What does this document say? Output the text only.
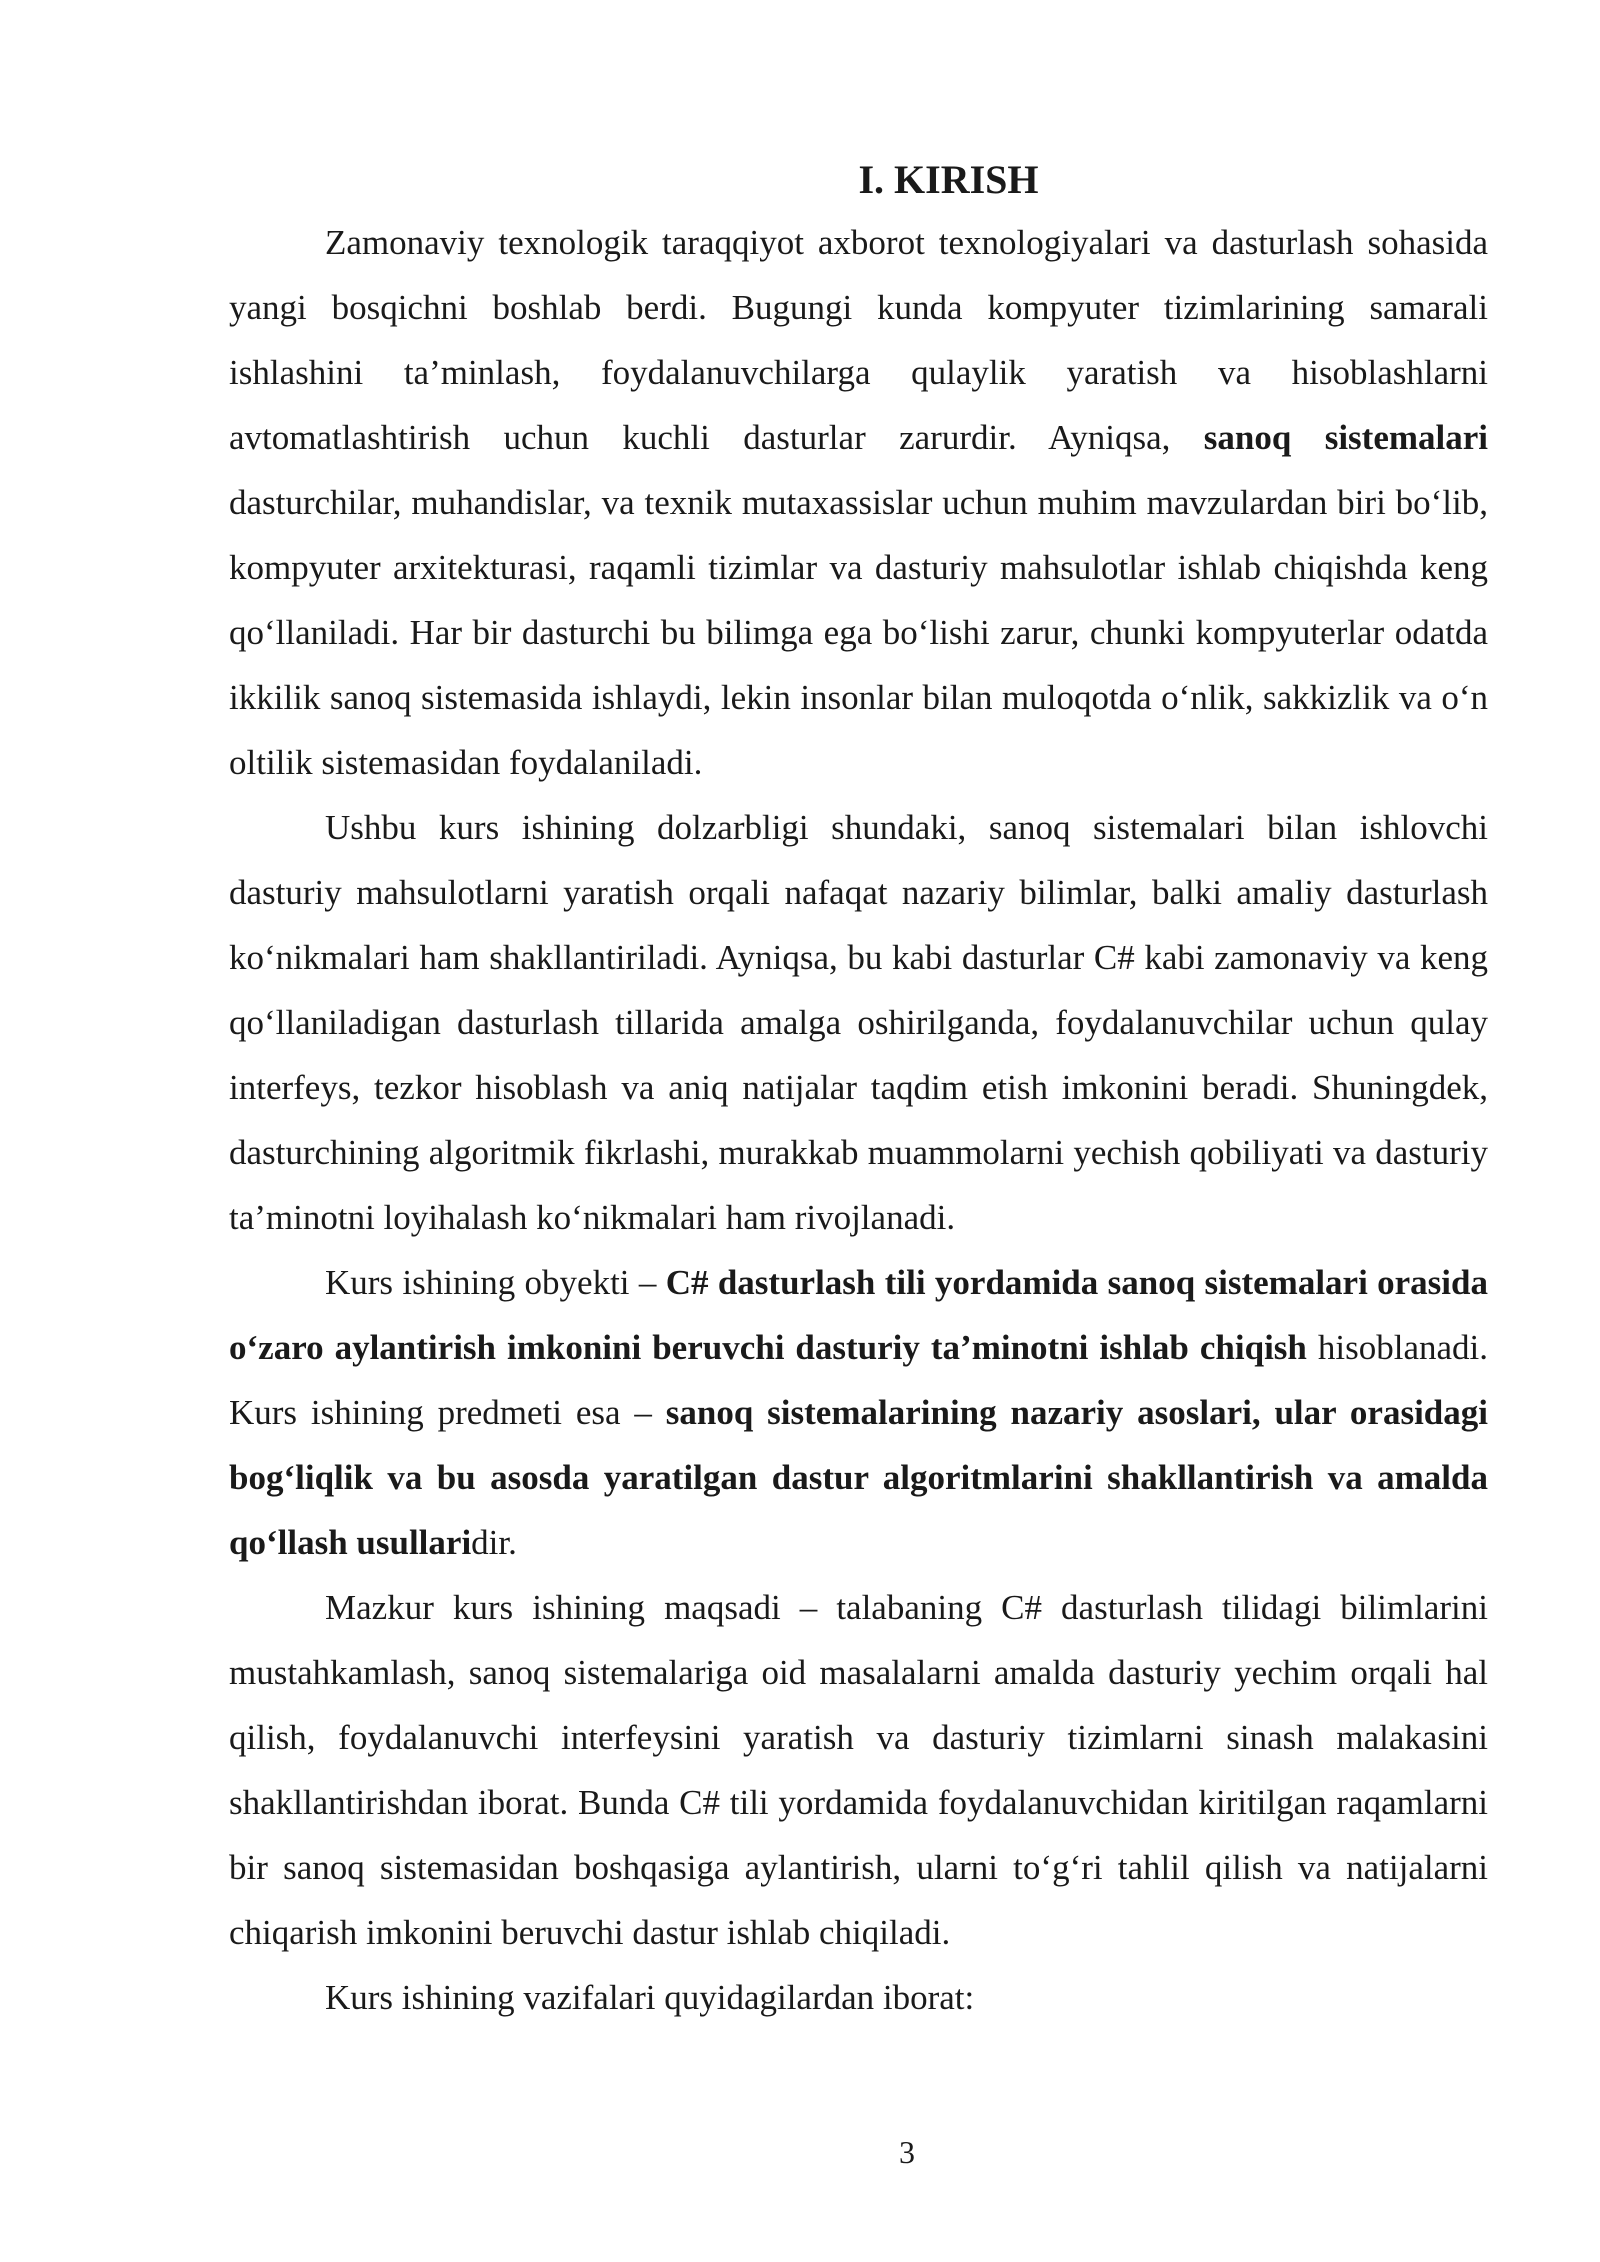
I. KIRISH

Zamonaviy texnologik taraqqiyot axborot texnologiyalari va dasturlash sohasida yangi bosqichni boshlab berdi. Bugungi kunda kompyuter tizimlarining samarali ishlashini ta’minlash, foydalanuvchilarga qulaylik yaratish va hisoblashlarni avtomatlashtirish uchun kuchli dasturlar zarurdir. Ayniqsa, sanoq sistemalari dasturchilar, muhandislar, va texnik mutaxassislar uchun muhim mavzulardan biri bo‘lib, kompyuter arxitekturasi, raqamli tizimlar va dasturiy mahsulotlar ishlab chiqishda keng qo‘llaniladi. Har bir dasturchi bu bilimga ega bo‘lishi zarur, chunki kompyuterlar odatda ikkilik sanoq sistemasida ishlaydi, lekin insonlar bilan muloqotda o‘nlik, sakkizlik va o‘n oltilik sistemasidan foydalaniladi.

Ushbu kurs ishining dolzarbligi shundaki, sanoq sistemalari bilan ishlovchi dasturiy mahsulotlarni yaratish orqali nafaqat nazariy bilimlar, balki amaliy dasturlash ko‘nikmalari ham shakllantiriladi. Ayniqsa, bu kabi dasturlar C# kabi zamonaviy va keng qo‘llaniladigan dasturlash tillarida amalga oshirilganda, foydalanuvchilar uchun qulay interfeys, tezkor hisoblash va aniq natijalar taqdim etish imkonini beradi. Shuningdek, dasturchining algoritmik fikrlashi, murakkab muammolarni yechish qobiliyati va dasturiy ta’minotni loyihalash ko‘nikmalari ham rivojlanadi.

Kurs ishining obyekti – C# dasturlash tili yordamida sanoq sistemalari orasida o‘zaro aylantirish imkonini beruvchi dasturiy ta’minotni ishlab chiqish hisoblanadi. Kurs ishining predmeti esa – sanoq sistemalarining nazariy asoslari, ular orasidagi bog‘liqlik va bu asosda yaratilgan dastur algoritmlarini shakllantirish va amalda qo‘llash usullaridir.

Mazkur kurs ishining maqsadi – talabaning C# dasturlash tilidagi bilimlarini mustahkamlash, sanoq sistemalariga oid masalalarni amalda dasturiy yechim orqali hal qilish, foydalanuvchi interfeysini yaratish va dasturiy tizimlarni sinash malakasini shakllantirishdan iborat. Bunda C# tili yordamida foydalanuvchidan kiritilgan raqamlarni bir sanoq sistemasidan boshqasiga aylantirish, ularni to‘g‘ri tahlil qilish va natijalarni chiqarish imkonini beruvchi dastur ishlab chiqiladi.

Kurs ishining vazifalari quyidagilardan iborat:

3
